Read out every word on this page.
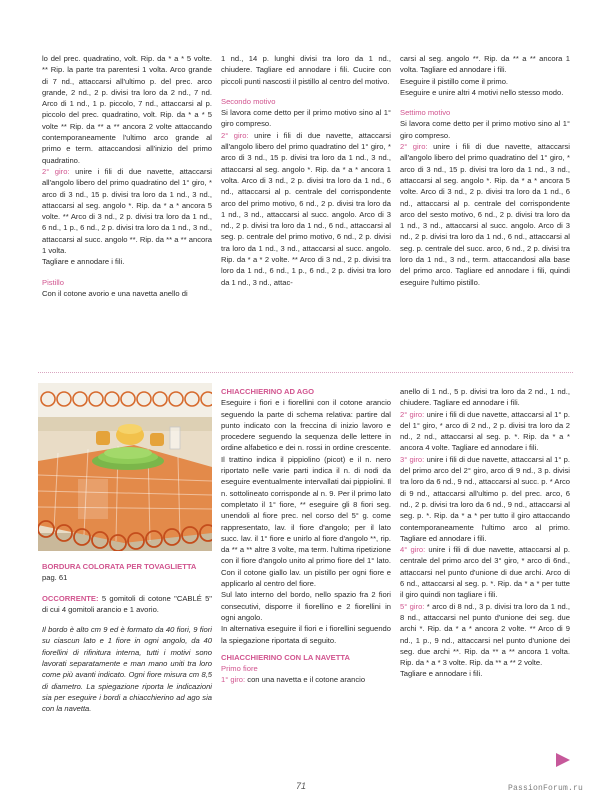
lo del prec. quadratino, volt. Rip. da * a * 5 volte. ** Rip. la parte tra parentesi 1 volta. Arco grande di 7 nd., attaccarsi all'ultimo p. del prec. arco grande, 2 nd., 2 p. divisi tra loro da 2 nd., 7 nd. Arco di 1 nd., 1 p. piccolo, 7 nd., attaccarsi al p. piccolo del prec. quadratino, volt. Rip. da * a * 5 volte ** Rip. da ** a ** ancora 2 volte attaccando contemporaneamente l'ultimo arco grande al primo e term. attaccandosi all'inizio del primo quadratino.

2° giro: unire i fili di due navette, attaccarsi all'angolo libero del primo quadratino del 1° giro, * arco di 3 nd., 15 p. divisi tra loro da 1 nd., 3 nd., attaccarsi al seg. angolo *. Rip. da * a * ancora 5 volte. ** Arco di 3 nd., 2 p. divisi tra loro da 1 nd., 6 nd., 1 p., 6 nd., 2 p. divisi tra loro da 1 nd., 3 nd., attaccarsi al succ. angolo **. Rip. da ** a ** ancora 1 volta.

Tagliare e annodare i fili.

Pistillo

Con il cotone avorio e una navetta anello di

1 nd., 14 p. lunghi divisi tra loro da 1 nd., chiudere. Tagliare ed annodare i fili. Cucire con piccoli punti nascosti il pistillo al centro del motivo.

Secondo motivo

Si lavora come detto per il primo motivo sino al 1° giro compreso.

2° giro: unire i fili di due navette, attaccarsi all'angolo libero del primo quadratino del 1° giro, * arco di 3 nd., 15 p. divisi tra loro da 1 nd., 3 nd., attaccarsi al seg. angolo *. Rip. da * a * ancora 1 volta. Arco di 3 nd., 2 p. divisi tra loro da 1 nd., 6 nd., attaccarsi al p. centrale del corrispondente arco del primo motivo, 6 nd., 2 p. divisi tra loro da 1 nd., 3 nd., attaccarsi al succ. angolo. Arco di 3 nd., 2 p. divisi tra loro da 1 nd., 6 nd., attaccarsi al seg. p. centrale del primo motivo, 6 nd., 2 p. divisi tra loro da 1 nd., 3 nd., attaccarsi al succ. angolo. Rip. da * a * 2 volte. ** Arco di 3 nd., 2 p. divisi tra loro da 1 nd., 6 nd., 1 p., 6 nd., 2 p. divisi tra loro da 1 nd., 3 nd., attac-

carsi al seg. angolo **. Rip. da ** a ** ancora 1 volta. Tagliare ed annodare i fili.

Eseguire il pistillo come il primo.

Eseguire e unire altri 4 motivi nello stesso modo.

Settimo motivo

Si lavora come detto per il primo motivo sino al 1° giro compreso.

2° giro: unire i fili di due navette, attaccarsi all'angolo libero del primo quadratino del 1° giro, * arco di 3 nd., 15 p. divisi tra loro da 1 nd., 3 nd., attaccarsi al seg. angolo *. Rip. da * a * ancora 5 volte. Arco di 3 nd., 2 p. divisi tra loro da 1 nd., 6 nd., attaccarsi al p. centrale del corrispondente arco del sesto motivo, 6 nd., 2 p. divisi tra loro da 1 nd., 3 nd., attaccarsi al succ. angolo. Arco di 3 nd., 2 p. divisi tra loro da 1 nd., 6 nd., attaccarsi al seg. p. centrale del succ. arco, 6 nd., 2 p. divisi tra loro da 1 nd., 3 nd., term. attaccandosi alla base del primo arco. Tagliare ed annodare i fili, quindi eseguire l'ultimo pistillo.

BORDURA COLORATA PER TOVAGLIETTA

pag. 61

OCCORRENTE: 5 gomitoli di cotone "CABLÉ 5" di cui 4 gomitoli arancio e 1 avorio.

Il bordo è alto cm 9 ed è formato da 40 fiori, 9 fiori su ciascun lato e 1 fiore in ogni angolo, da 40 fiorellini di rifinitura interna, tutti i motivi sono lavorati separatamente e man mano uniti tra loro come più avanti indicato. Ogni fiore misura cm 8,5 di diametro. La spiegazione riporta le indicazioni sia per eseguire i bordi a chiacchierino ad ago sia con la navetta.

CHIACCHIERINO AD AGO

Eseguire i fiori e i fiorellini con il cotone arancio seguendo la parte di schema relativa: partire dal punto indicato con la freccina di inizio lavoro e procedere seguendo la sequenza delle lettere in ordine alfabetico e dei n. rossi in ordine crescente. Il trattino indica il pippiolino (picot) e il n. nero riportato nelle varie parti indica il n. di nodi da eseguire eventualmente intervallati dai pippiolini. Il n. sottolineato corrisponde al n. 9. Per il primo lato completato il 1° fiore, ** eseguire gli 8 fiori seg. unendoli al fiore prec. nel corso del 5° g. come rappresentato, lav. il fiore d'angolo; per il lato succ. lav. il 1° fiore e unirlo al fiore d'angolo **, rip. da ** a ** altre 3 volte, ma term. l'ultima ripetizione con il fiore d'angolo unito al primo fiore del 1° lato. Con il cotone giallo lav. un pistillo per ogni fiore e applicarlo al centro del fiore.

Sul lato interno del bordo, nello spazio fra 2 fiori consecutivi, disporre il fiorellino e 2 fiorellini in ogni angolo.

In alternativa eseguire il fiori e i fiorellini seguendo la spiegazione riportata di seguito.

CHIACCHIERINO CON LA NAVETTA

Primo fiore

1° giro: con una navetta e il cotone arancio

anello di 1 nd., 5 p. divisi tra loro da 2 nd., 1 nd., chiudere. Tagliare ed annodare i fili.

2° giro: unire i fili di due navette, attaccarsi al 1° p. del 1° giro, * arco di 2 nd., 2 p. divisi tra loro da 2 nd., 2 nd., attaccarsi al seg. p. *. Rip. da * a * ancora 4 volte. Tagliare ed annodare i fili.

3° giro: unire i fili di due navette, attaccarsi al 1° p. del primo arco del 2° giro, arco di 9 nd., 3 p. divisi tra loro da 6 nd., 9 nd., attaccarsi al succ. p. * Arco di 9 nd., attaccarsi all'ultimo p. del prec. arco, 6 nd., 2 p. divisi tra loro da 6 nd., 9 nd., attaccarsi al seg. p. *. Rip. da * a * per tutto il giro attaccando contemporaneamente l'ultimo arco al primo. Tagliare ed annodare i fili.

4° giro: unire i fili di due navette, attaccarsi al p. centrale del primo arco del 3° giro, * arco di 6nd., attaccarsi nel punto d'unione di due archi. Arco di 6 nd., attaccarsi al seg. p. *. Rip. da * a * per tutte il giro quindi non tagliare i fili.

5° giro: * arco di 8 nd., 3 p. divisi tra loro da 1 nd., 8 nd., attaccarsi nel punto d'unione dei seg. due archi *. Rip. da * a * ancora 2 volte. ** Arco di 9 nd., 1 p., 9 nd., attaccarsi nel punto d'unione dei seg. due archi **. Rip. da ** a ** ancora 1 volta. Rip. da * a * 3 volte. Rip. da ** a ** 2 volte.

Tagliare e annodare i fili.

71	PassionForum.ru
